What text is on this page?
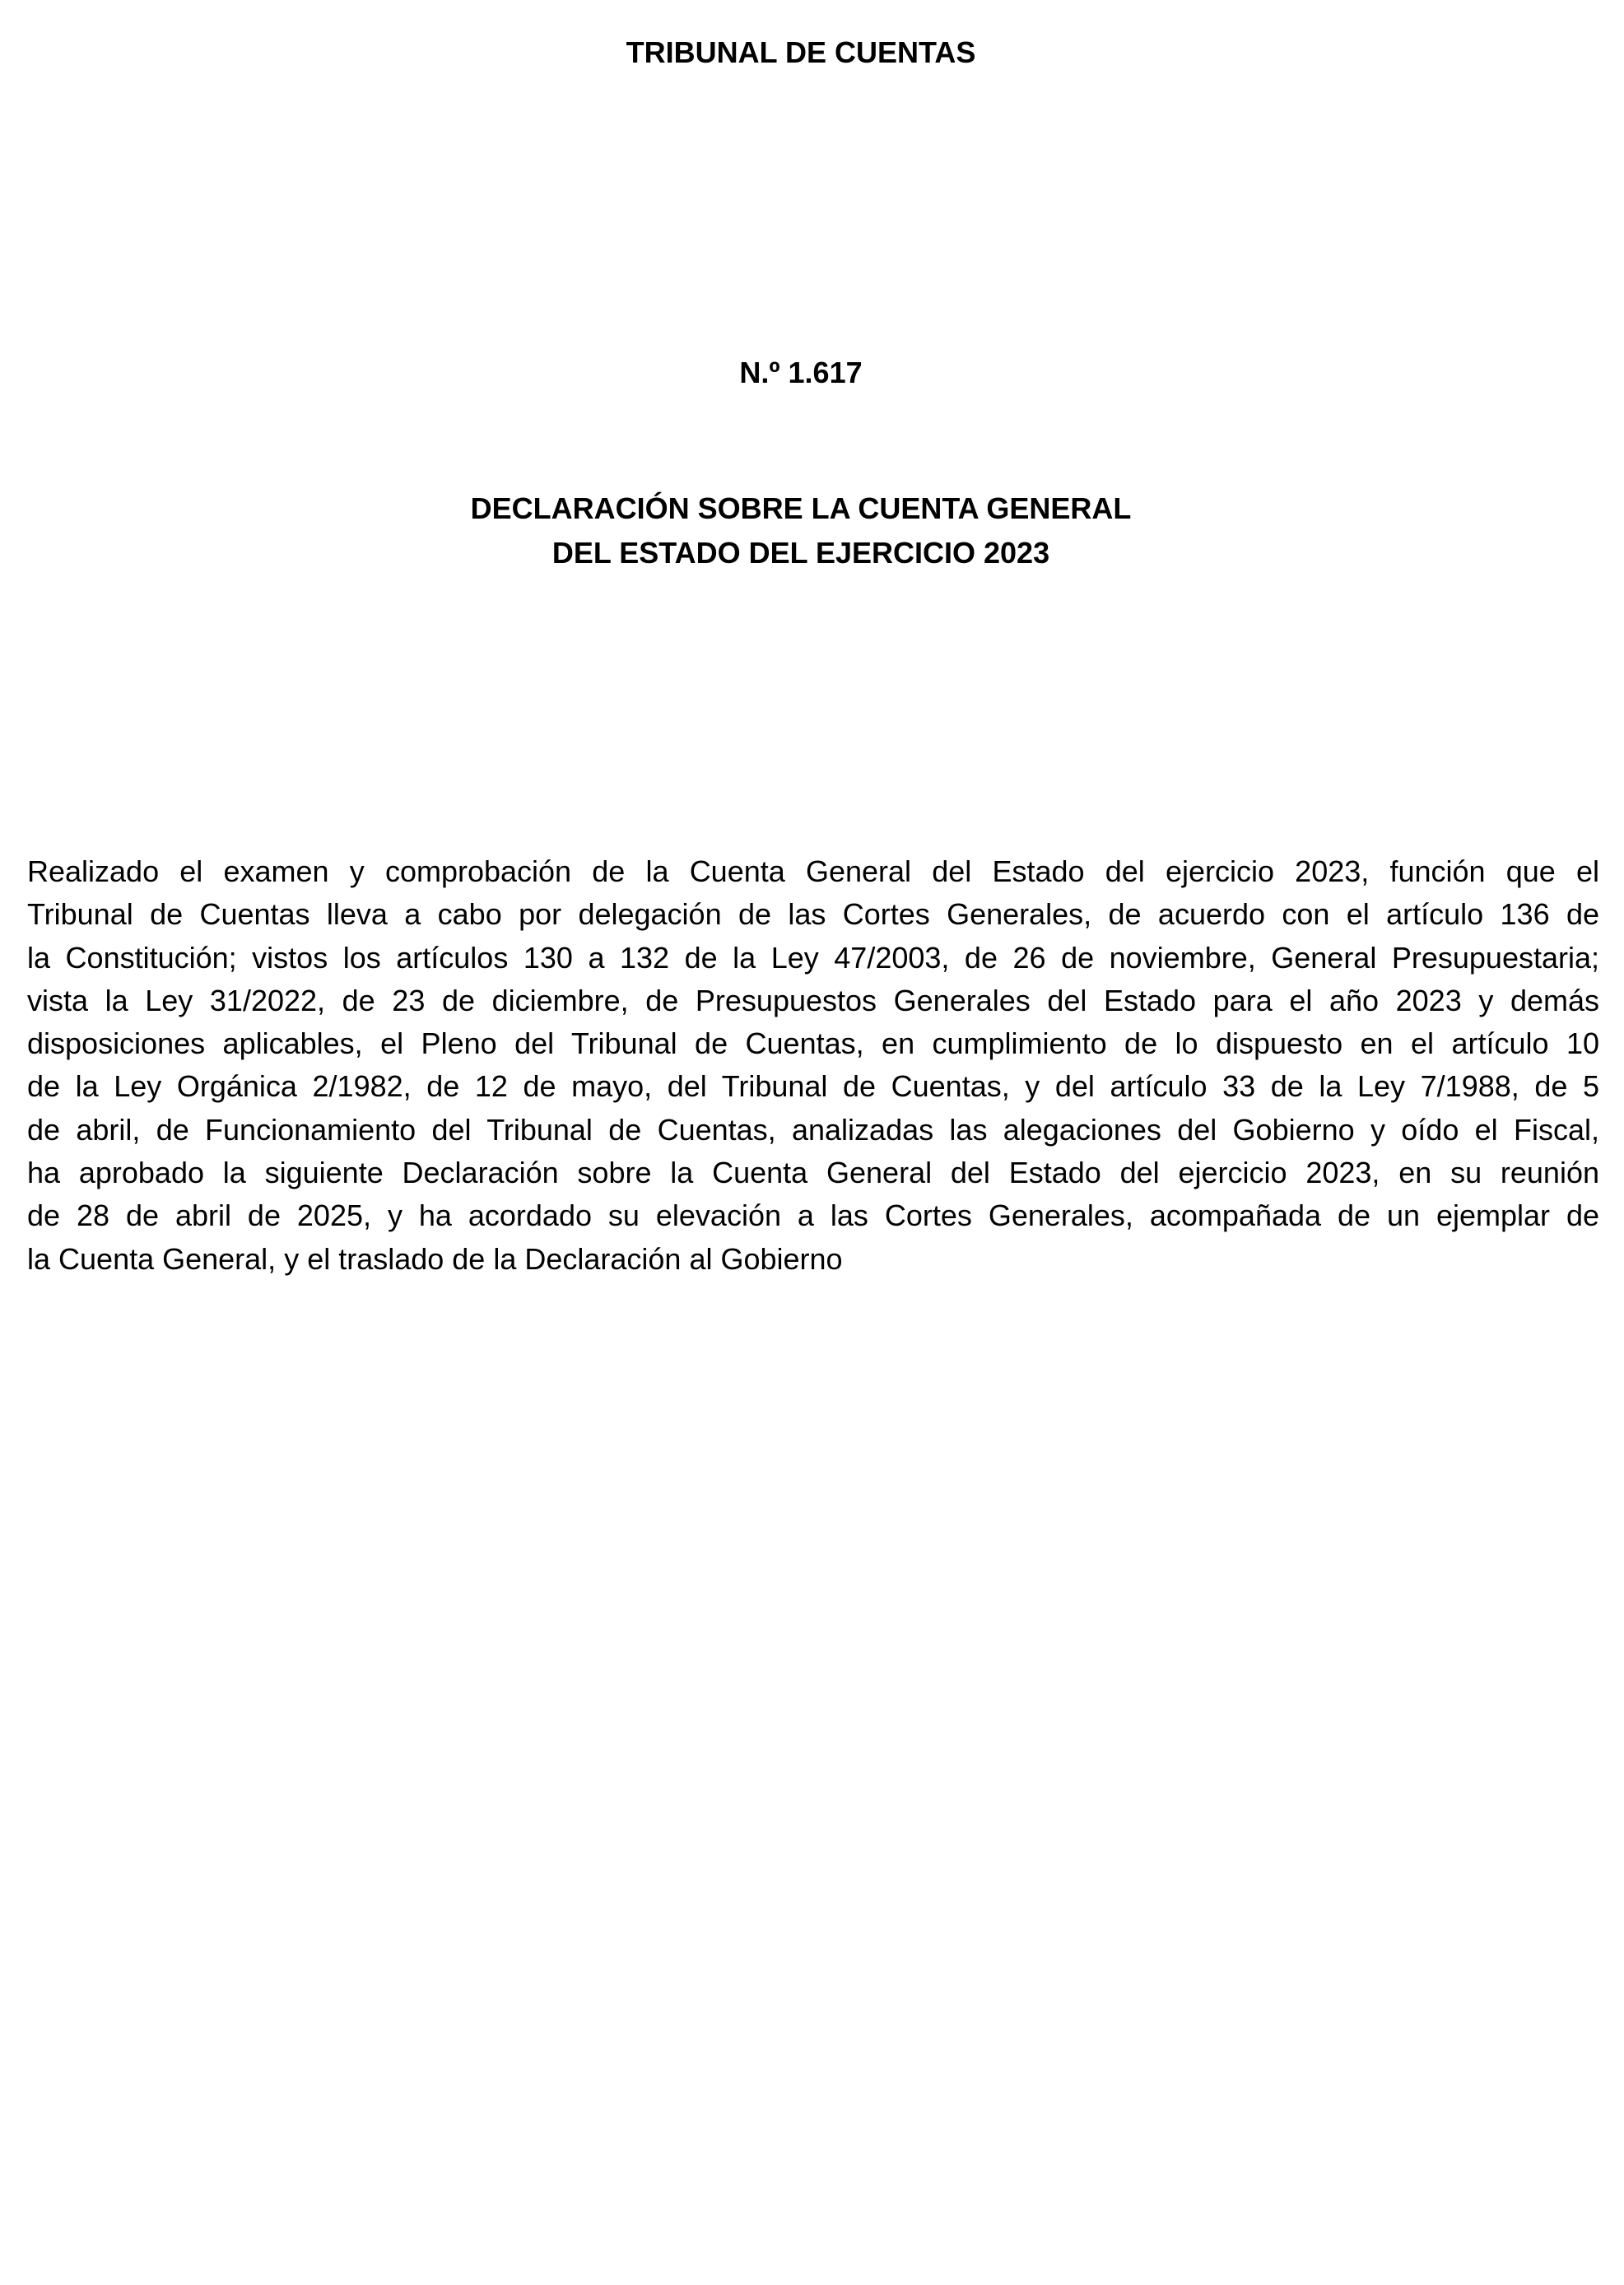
TRIBUNAL DE CUENTAS
N.º 1.617
DECLARACIÓN SOBRE LA CUENTA GENERAL
DEL ESTADO DEL EJERCICIO 2023
Realizado el examen y comprobación de la Cuenta General del Estado del ejercicio 2023, función que el
Tribunal de Cuentas lleva a cabo por delegación de las Cortes Generales, de acuerdo con el artículo 136 de
la Constitución; vistos los artículos 130 a 132 de la Ley 47/2003, de 26 de noviembre, General Presupuestaria;
vista la Ley 31/2022, de 23 de diciembre, de Presupuestos Generales del Estado para el año 2023 y demás
disposiciones aplicables, el Pleno del Tribunal de Cuentas, en cumplimiento de lo dispuesto en el artículo 10
de la Ley Orgánica 2/1982, de 12 de mayo, del Tribunal de Cuentas, y del artículo 33 de la Ley 7/1988, de 5
de abril, de Funcionamiento del Tribunal de Cuentas, analizadas las alegaciones del Gobierno y oído el Fiscal,
ha aprobado la siguiente Declaración sobre la Cuenta General del Estado del ejercicio 2023, en su reunión
de 28 de abril de 2025, y ha acordado su elevación a las Cortes Generales, acompañada de un ejemplar de
la Cuenta General, y el traslado de la Declaración al Gobierno
